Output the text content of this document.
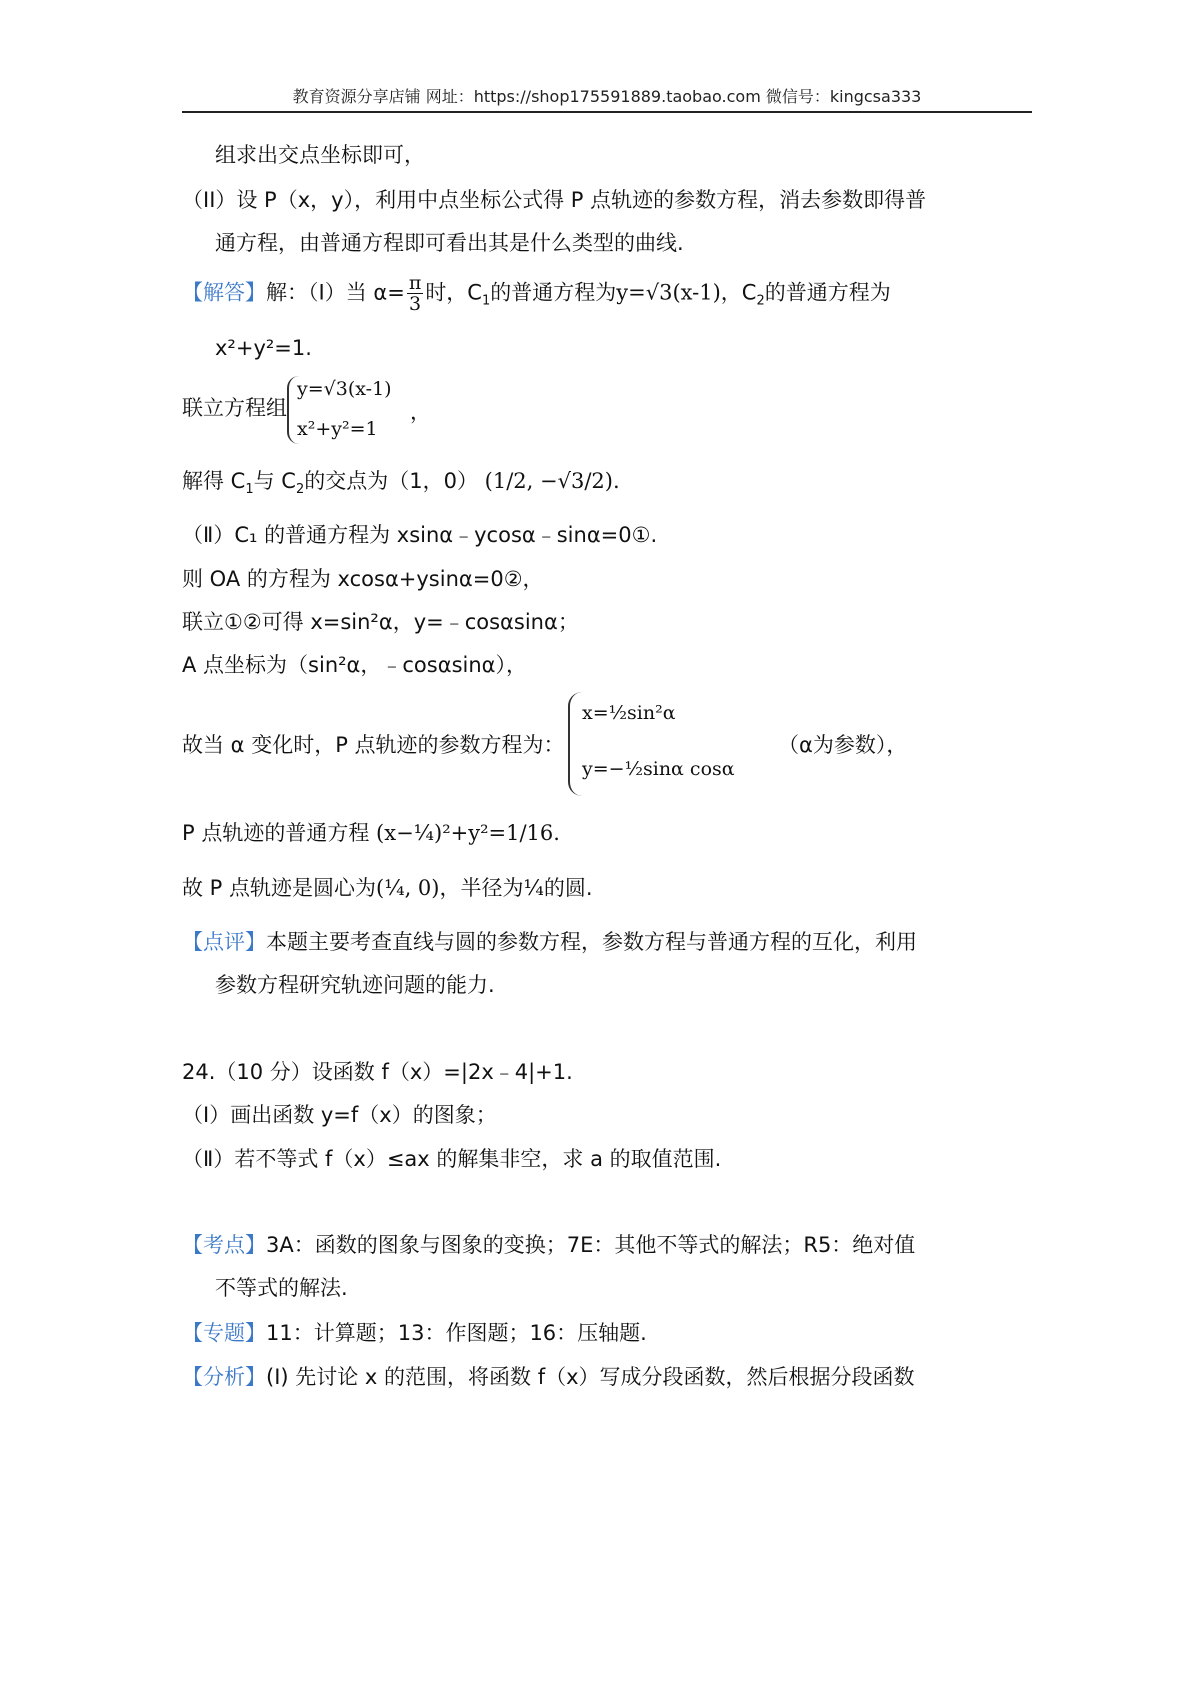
教育资源分享店铺 网址：https://shop175591889.taobao.com 微信号：kingcsa333
组求出交点坐标即可，
（II）设 P（x，y），利用中点坐标公式得 P 点轨迹的参数方程，消去参数即得普
通方程，由普通方程即可看出其是什么类型的曲线.
【解答】解：（Ⅰ）当 $\alpha= \frac{\pi}{3}$ 时，$C_1$的普通方程为y=√3(x-1)，$C_2$的普通方程为
x²+y²=1.
联立方程组
y=√3(x-1)
x²+y²=1
，
解得 $C_1$与 $C_2$的交点为（1，0） (1/2, −√3/2).
（Ⅱ）C₁ 的普通方程为 xsinα﹣ycosα﹣sinα=0①.
则 OA 的方程为 xcosα+ysinα=0②，
联立①②可得 x=sin²α，y=﹣cosαsinα；
A 点坐标为（sin²α，﹣cosαsinα），
故当 α 变化时，P 点轨迹的参数方程为：
x=½sin²α
y=−½sinα cosα
（α为参数），
P 点轨迹的普通方程 (x−¼)²+y²=1/16.
故 P 点轨迹是圆心为(¼, 0)，半径为¼的圆.
【点评】本题主要考查直线与圆的参数方程，参数方程与普通方程的互化，利用
参数方程研究轨迹问题的能力.
24.（10 分）设函数 f（x）=|2x﹣4|+1.
（Ⅰ）画出函数 y=f（x）的图象；
（Ⅱ）若不等式 f（x）≤ax 的解集非空，求 a 的取值范围.
【考点】3A：函数的图象与图象的变换；7E：其他不等式的解法；R5：绝对值
不等式的解法.
【专题】11：计算题；13：作图题；16：压轴题.
【分析】(I) 先讨论 x 的范围，将函数 f（x）写成分段函数，然后根据分段函数
